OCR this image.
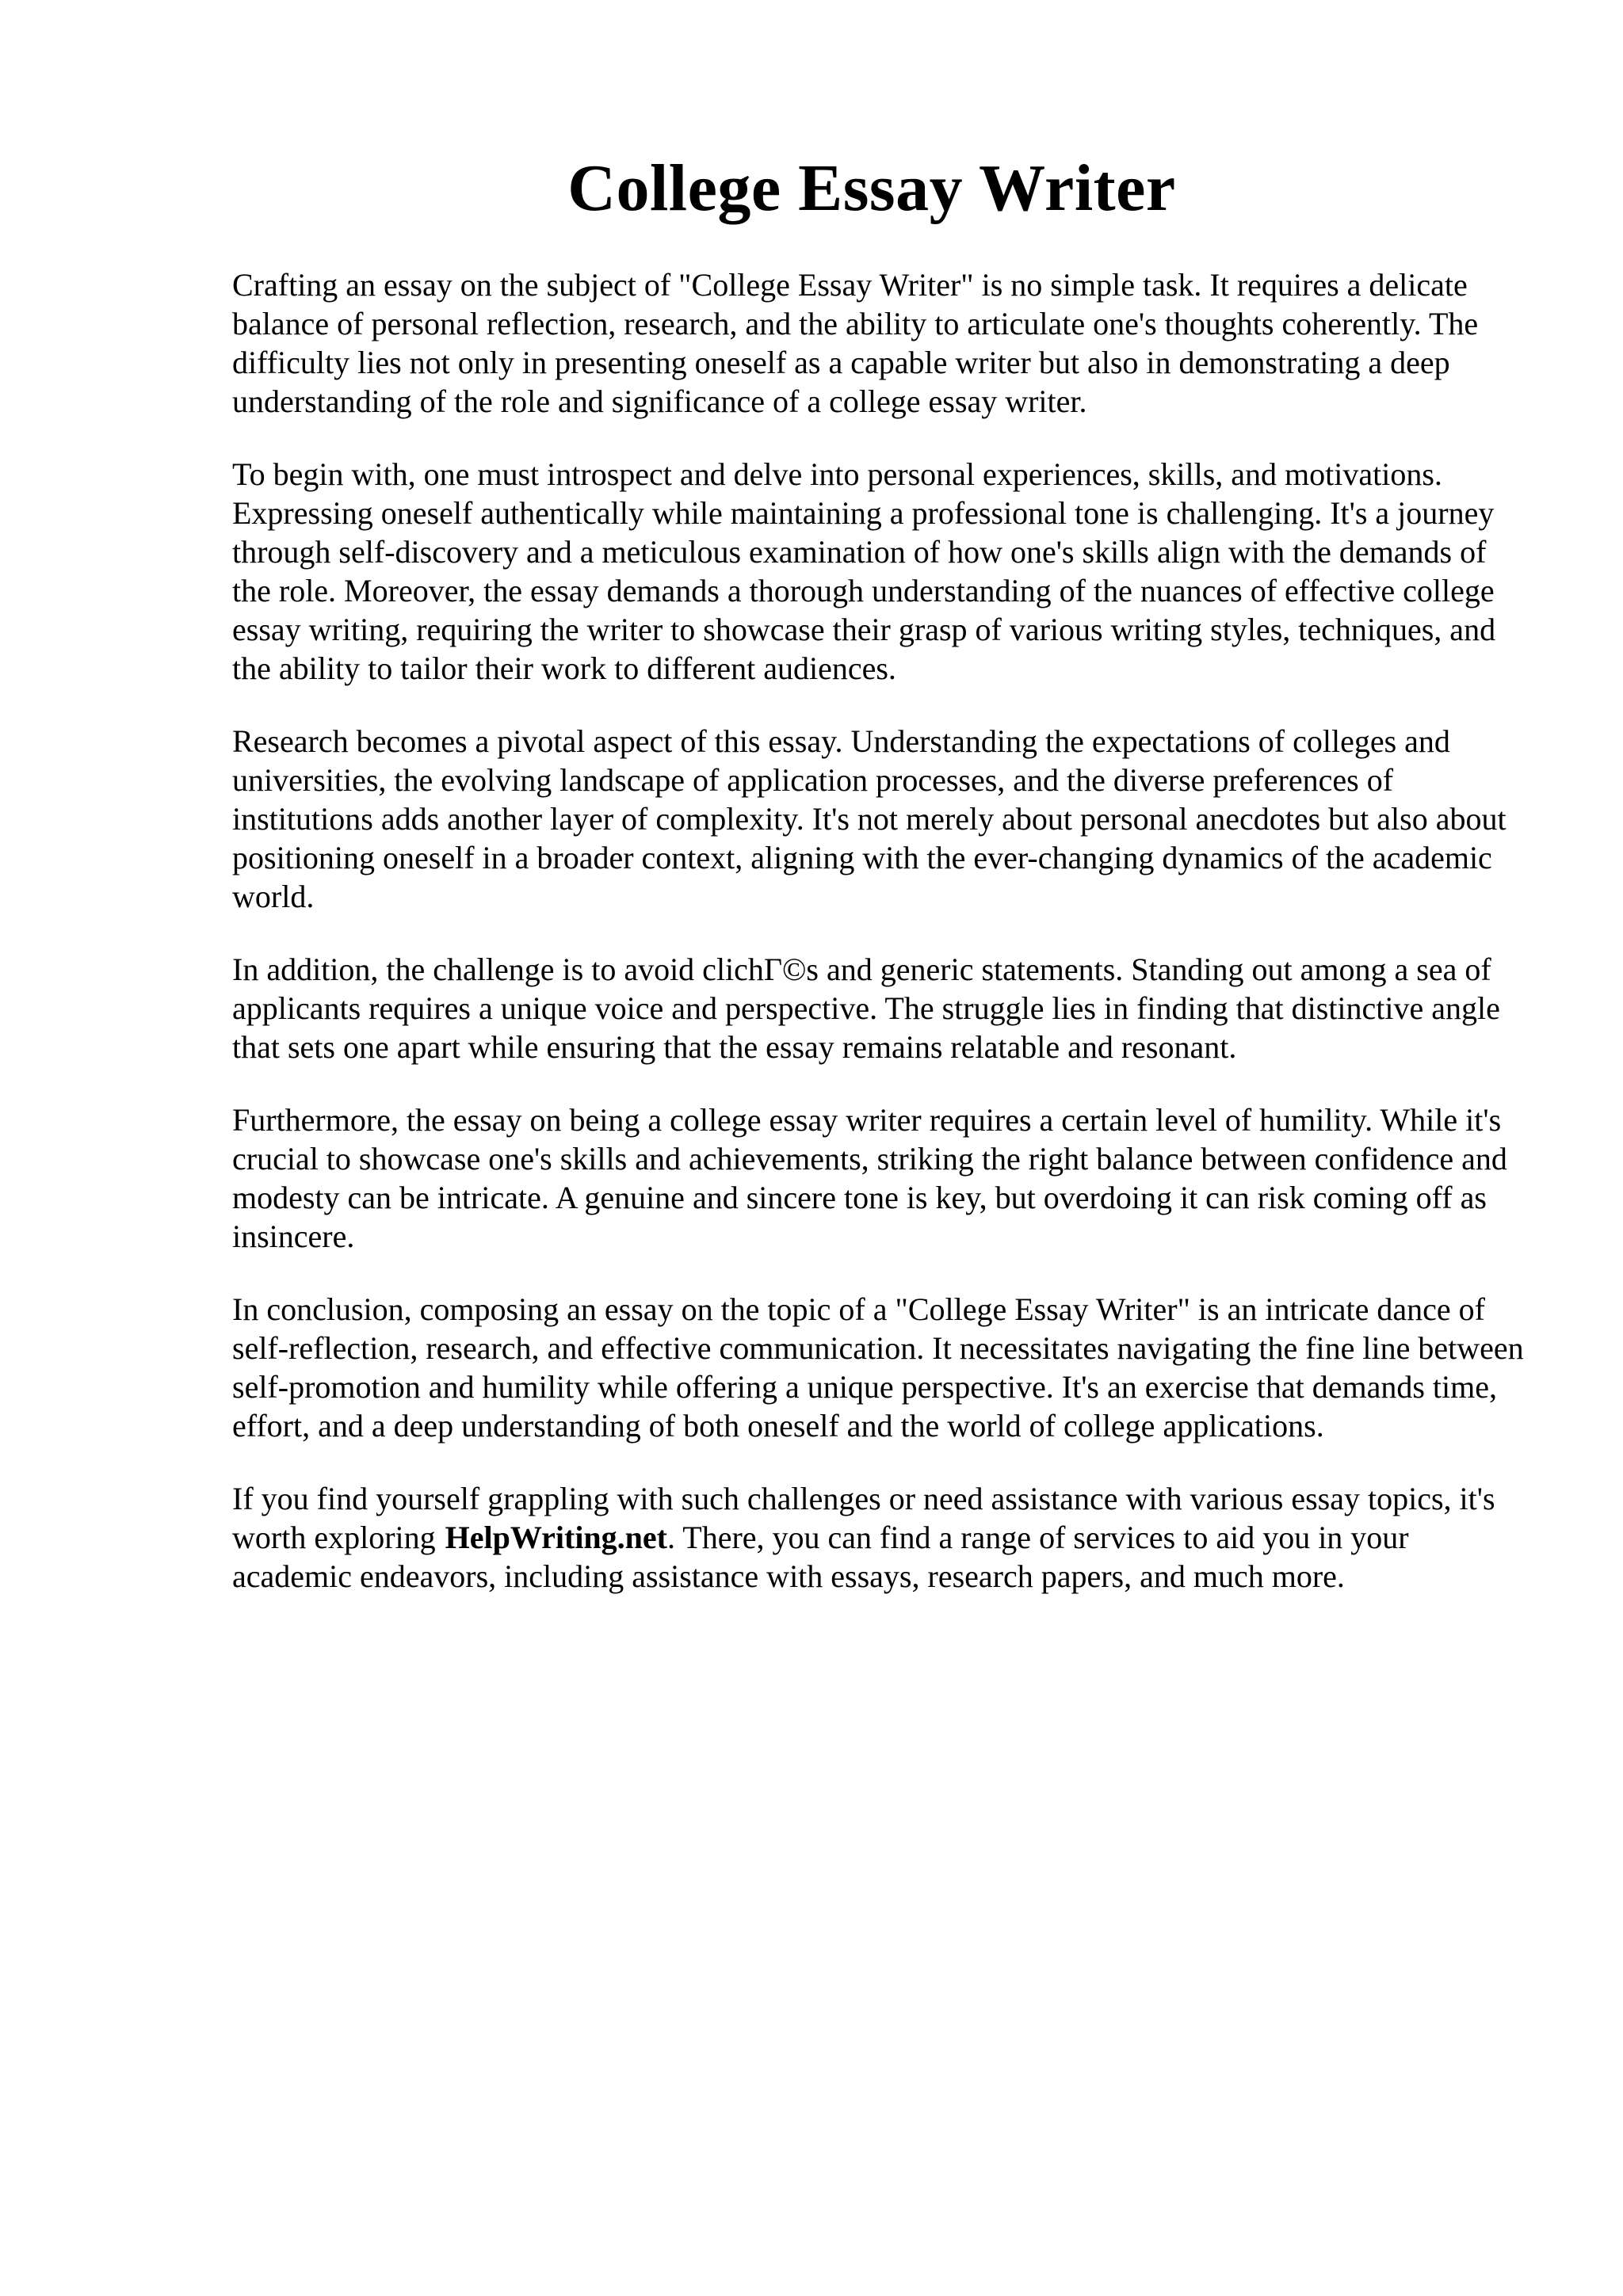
College Essay Writer

Crafting an essay on the subject of "College Essay Writer" is no simple task. It requires a delicate balance of personal reflection, research, and the ability to articulate one's thoughts coherently. The difficulty lies not only in presenting oneself as a capable writer but also in demonstrating a deep understanding of the role and significance of a college essay writer.

To begin with, one must introspect and delve into personal experiences, skills, and motivations. Expressing oneself authentically while maintaining a professional tone is challenging. It's a journey through self-discovery and a meticulous examination of how one's skills align with the demands of the role. Moreover, the essay demands a thorough understanding of the nuances of effective college essay writing, requiring the writer to showcase their grasp of various writing styles, techniques, and the ability to tailor their work to different audiences.

Research becomes a pivotal aspect of this essay. Understanding the expectations of colleges and universities, the evolving landscape of application processes, and the diverse preferences of institutions adds another layer of complexity. It's not merely about personal anecdotes but also about positioning oneself in a broader context, aligning with the ever-changing dynamics of the academic world.

In addition, the challenge is to avoid clichΓ©s and generic statements. Standing out among a sea of applicants requires a unique voice and perspective. The struggle lies in finding that distinctive angle that sets one apart while ensuring that the essay remains relatable and resonant.

Furthermore, the essay on being a college essay writer requires a certain level of humility. While it's crucial to showcase one's skills and achievements, striking the right balance between confidence and modesty can be intricate. A genuine and sincere tone is key, but overdoing it can risk coming off as insincere.

In conclusion, composing an essay on the topic of a "College Essay Writer" is an intricate dance of self-reflection, research, and effective communication. It necessitates navigating the fine line between self-promotion and humility while offering a unique perspective. It's an exercise that demands time, effort, and a deep understanding of both oneself and the world of college applications.

If you find yourself grappling with such challenges or need assistance with various essay topics, it's worth exploring HelpWriting.net. There, you can find a range of services to aid you in your academic endeavors, including assistance with essays, research papers, and much more.
